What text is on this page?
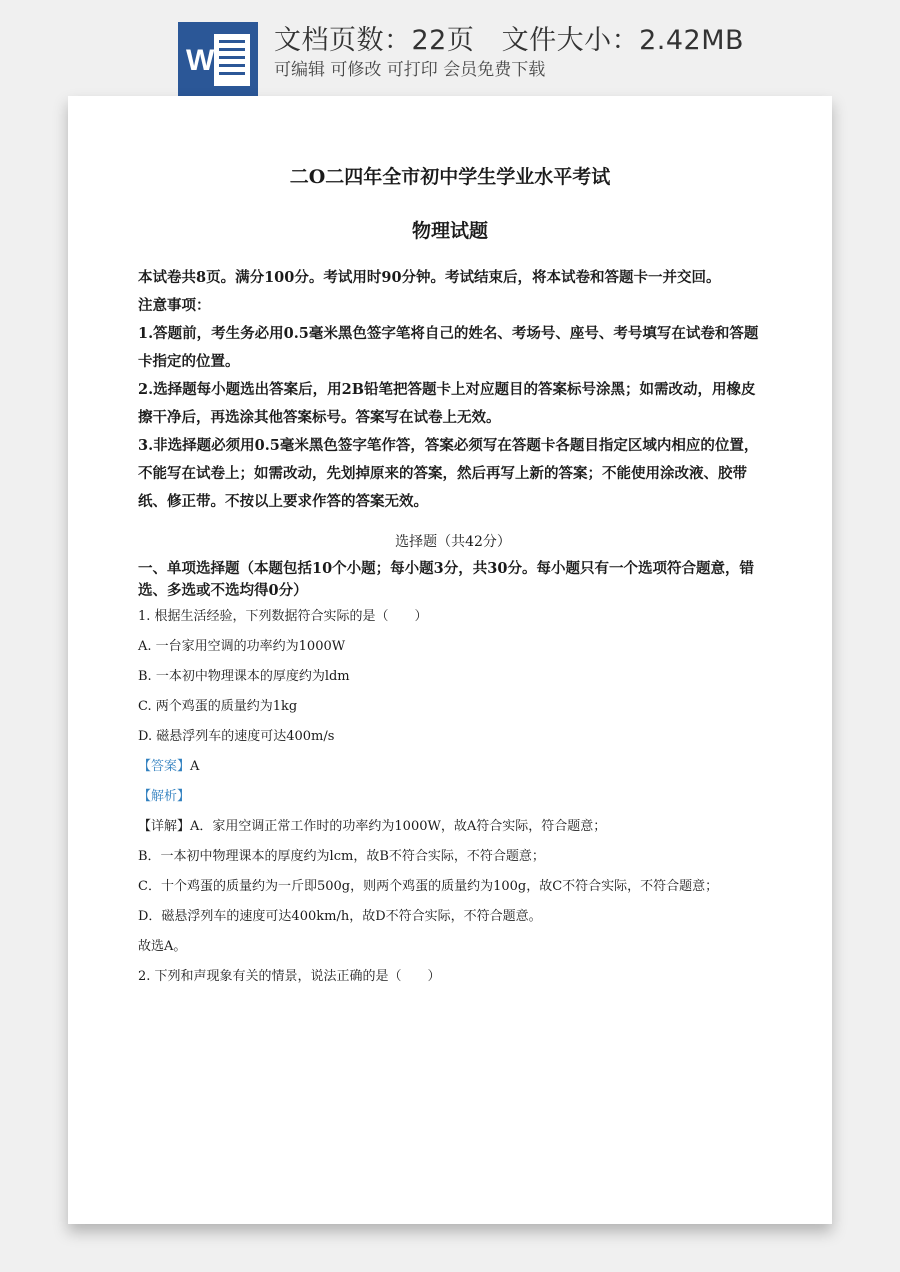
W
文档页数：22页   文件大小：2.42MB
可编辑 可修改 可打印 会员免费下载
二O二四年全市初中学生学业水平考试
物理试题

本试卷共8页。满分100分。考试用时90分钟。考试结束后，将本试卷和答题卡一并交回。

注意事项：

1.答题前，考生务必用0.5毫米黑色签字笔将自己的姓名、考场号、座号、考号填写在试卷和答题卡指定的位置。

2.选择题每小题选出答案后，用2B铅笔把答题卡上对应题目的答案标号涂黑；如需改动，用橡皮擦干净后，再选涂其他答案标号。答案写在试卷上无效。

3.非选择题必须用0.5毫米黑色签字笔作答，答案必须写在答题卡各题目指定区域内相应的位置，不能写在试卷上；如需改动，先划掉原来的答案，然后再写上新的答案；不能使用涂改液、胶带纸、修正带。不按以上要求作答的答案无效。

选择题（共42分）

一、单项选择题（本题包括10个小题；每小题3分，共30分。每小题只有一个选项符合题意，错选、多选或不选均得0分）

1. 根据生活经验，下列数据符合实际的是（　　）

A. 一台家用空调的功率约为1000W

B. 一本初中物理课本的厚度约为ldm

C. 两个鸡蛋的质量约为1kg

D. 磁悬浮列车的速度可达400m/s

【答案】A

【解析】

【详解】A．家用空调正常工作时的功率约为1000W，故A符合实际，符合题意；

B．一本初中物理课本的厚度约为lcm，故B不符合实际，不符合题意；

C．十个鸡蛋的质量约为一斤即500g，则两个鸡蛋的质量约为100g，故C不符合实际，不符合题意；

D．磁悬浮列车的速度可达400km/h，故D不符合实际，不符合题意。

故选A。

2. 下列和声现象有关的情景，说法正确的是（　　）
